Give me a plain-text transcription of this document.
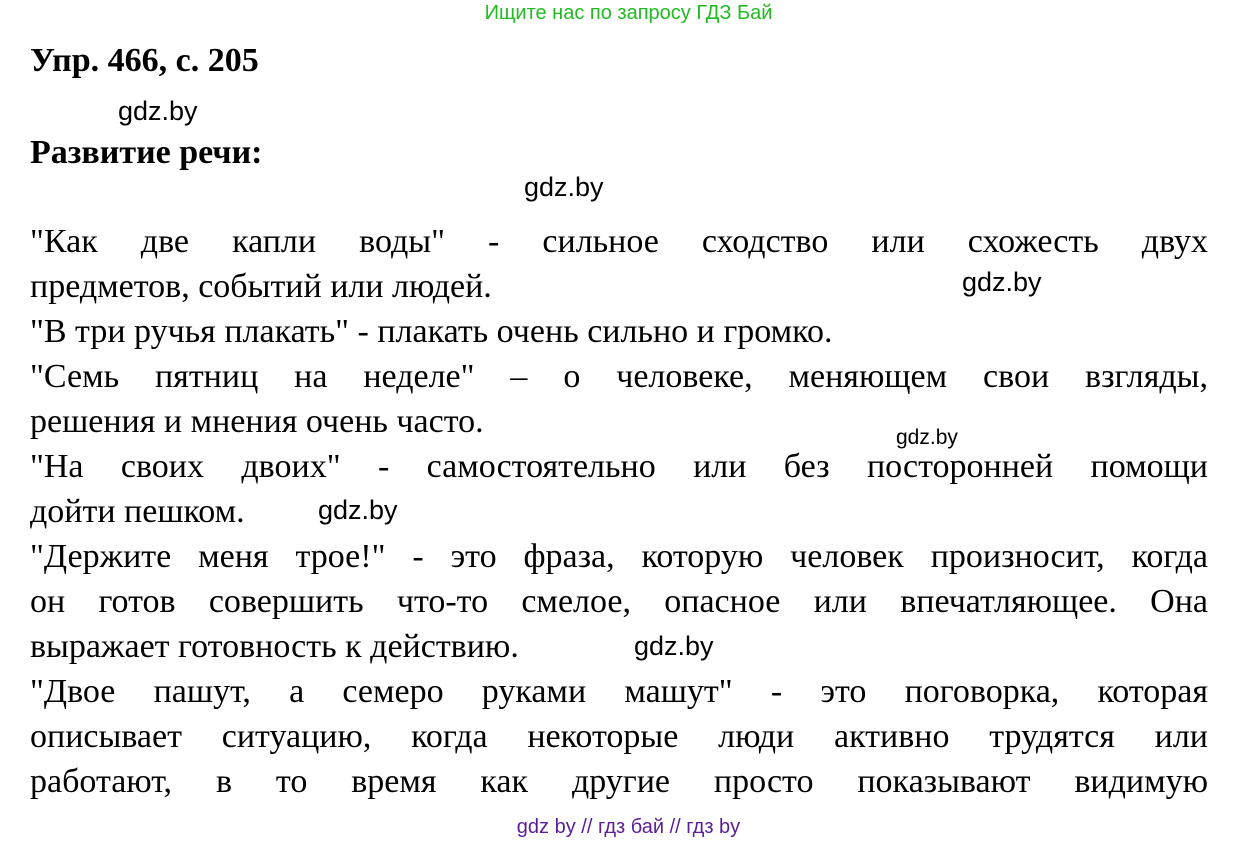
Ищите нас по запросу ГДЗ Бай
Упр. 466, с. 205
gdz.by
Развитие речи:
gdz.by
"Как две капли воды" - сильное сходство или схожесть двух
предметов, событий или людей.	gdz.by
"В три ручья плакать" - плакать очень сильно и громко.
"Семь пятниц на неделе" – о человеке, меняющем свои взгляды,
решения и мнения очень часто.	gdz.by
"На своих двоих" - самостоятельно или без посторонней помощи
дойти пешком.	gdz.by
"Держите меня трое!" - это фраза, которую человек произносит, когда
он готов совершить что-то смелое, опасное или впечатляющее. Она
выражает готовность к действию.	gdz.by
"Двое пашут, а семеро руками машут" - это поговорка, которая
описывает ситуацию, когда некоторые люди активно трудятся или
работают, в то время как другие просто показывают видимую
gdz by // гдз бай // гдз by
